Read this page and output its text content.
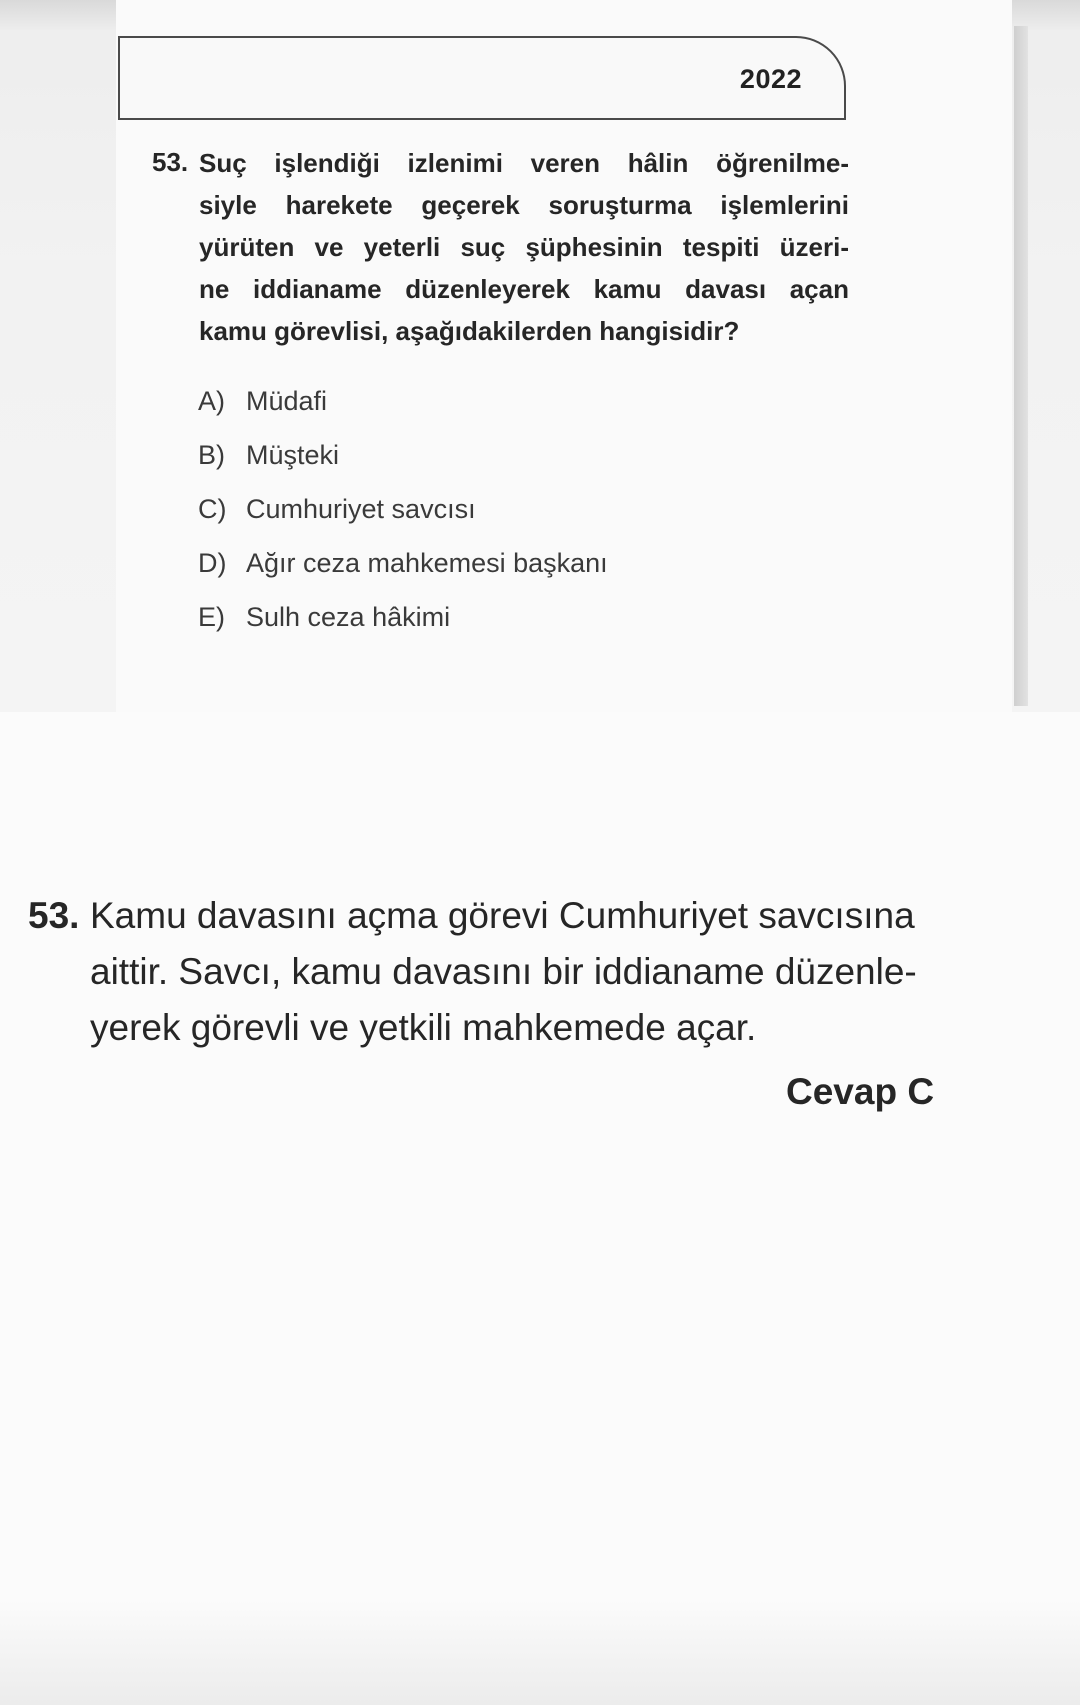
2022
53. Suç işlendiği izlenimi veren hâlin öğrenilme-
siyle harekete geçerek soruşturma işlemlerini
yürüten ve yeterli suç şüphesinin tespiti üzeri-
ne iddianame düzenleyerek kamu davası açan
kamu görevlisi, aşağıdakilerden hangisidir?
A) Müdafi
B) Müşteki
C) Cumhuriyet savcısı
D) Ağır ceza mahkemesi başkanı
E) Sulh ceza hâkimi
53. Kamu davasını açma görevi Cumhuriyet savcısına
aittir. Savcı, kamu davasını bir iddianame düzenle-
yerek görevli ve yetkili mahkemede açar.
Cevap C
